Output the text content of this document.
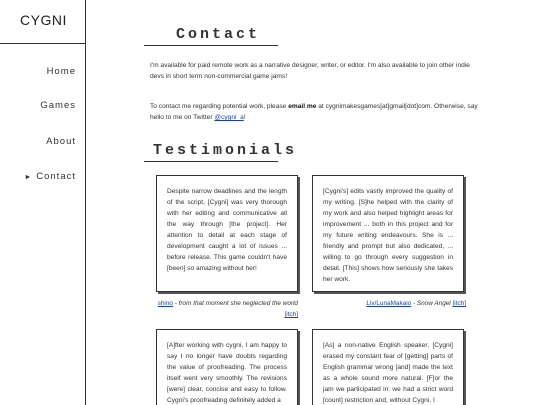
CYGNI
Home
Games
About
► Contact
Contact

I'm available for paid remote work as a narrative designer, writer, or editor. I'm also available to join other indie devs in short term non-commercial game jams!

To contact me regarding potential work, please email me at cygnimakesgames[at]gmail[dot]com. Otherwise, say hello to me on Twitter @cygni_a!

Testimonials
Despite narrow deadlines and the length of the script, [Cygni] was very thorough with her editing and communicative all the way through [the project]. Her attention to detail at each stage of development caught a lot of issues ... before release. This game couldn't have [been] so amazing without her!
[Cygni's] edits vastly improved the quality of my writing. [S]he helped with the clarity of my work and also helped highlight areas for improvement ... both in this project and for my future writing endeavours. She is ... friendly and prompt but also dedicated, ... willing to go through every suggestion in detail. [This] shows how seriously she takes her work.
shino - from that moment she neglected the world [itch]
Liv/LunaMakaio - Snow Angel [itch]
[A]fter working with cygni, I am happy to say I no longer have doubts regarding the value of proofreading. The process itself went very smoothly. The revisions [were] clear, concise and easy to follow. Cygni's proofreading definitely added a
[As] a non-native English speaker, [Cygni] erased my constant fear of [getting] parts of English grammar wrong [and] made the text as a whole sound more natural. [F]or the jam we participated in: we had a strict word [count] restriction and, without Cygni, I
